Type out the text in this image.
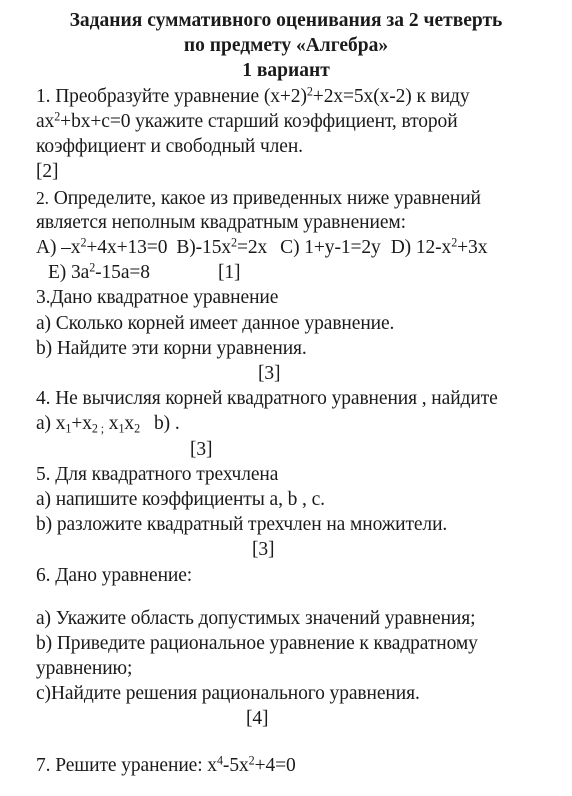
Задания суммативного оценивания за 2 четверть
по предмету «Алгебра»
1 вариант
1. Преобразуйте уравнение $(x+2)^2+2x=5x(x-2)$ к виду
$ax^2+bx+c=0$ укажите старший коэффициент, второй
коэффициент и свободный член.
[2]
2. Определите, какое из приведенных ниже уравнений
является неполным квадратным уравнением:
A) $-x^2+4x+13=0$ $B)-15x^2=2x$ C) 1+y-1=2y D) $12-x^2+3x$
E) $3a^2-15a=8$	[1]
3.Дано квадратное уравнение
a) Сколько корней имеет данное уравнение.
b) Найдите эти корни уравнения.
[3]
4. Не вычисляя корней квадратного уравнения , найдите
a) $x_1+x_{2 ;}$ $x_1x_2$ b) .
[3]
5. Для квадратного трехчлена
a) напишите коэффициенты a, b , c.
b) разложите квадратный трехчлен на множители.
[3]
6. Дано уравнение:
a) Укажите область допустимых значений уравнения;
b) Приведите рациональное уравнение к квадратному
уравнению;
c)Найдите решения рационального уравнения.
[4]
7. Решите уранение: $x^4-5x^2+4=0$
